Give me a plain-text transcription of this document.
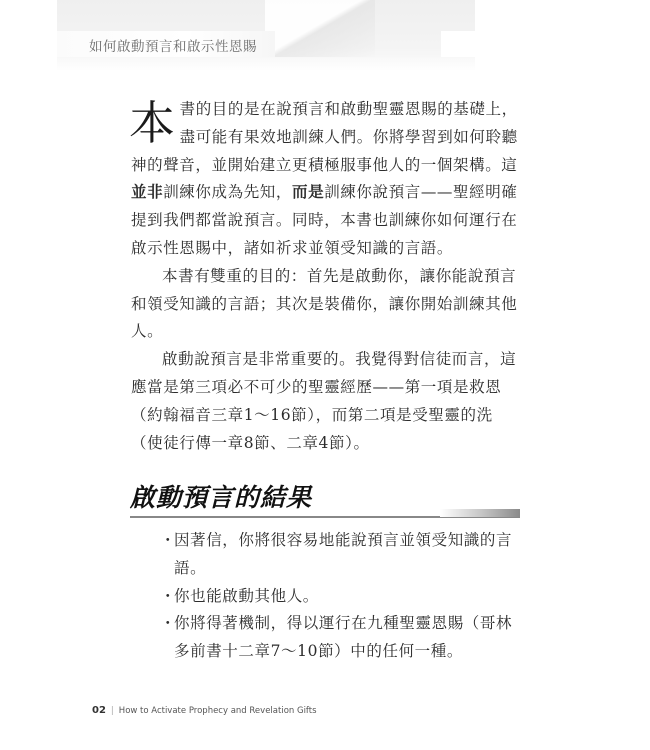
如何啟動預言和啟示性恩賜

本書的目的是在說預言和啟動聖靈恩賜的基礎上，盡可能有果效地訓練人們。你將學習到如何聆聽神的聲音，並開始建立更積極服事他人的一個架構。這並非訓練你成為先知，而是訓練你說預言——聖經明確提到我們都當說預言。同時，本書也訓練你如何運行在啟示性恩賜中，諸如祈求並領受知識的言語。

本書有雙重的目的：首先是啟動你，讓你能說預言和領受知識的言語；其次是裝備你，讓你開始訓練其他人。

啟動說預言是非常重要的。我覺得對信徒而言，這應當是第三項必不可少的聖靈經歷——第一項是救恩（約翰福音三章1～16節），而第二項是受聖靈的洗（使徒行傳一章8節、二章4節）。

啟動預言的結果
・
因著信，你將很容易地能說預言並領受知識的言語。
・
你也能啟動其他人。
・
你將得著機制，得以運行在九種聖靈恩賜（哥林多前書十二章7～10節）中的任何一種。
02 | How to Activate Prophecy and Revelation Gifts
